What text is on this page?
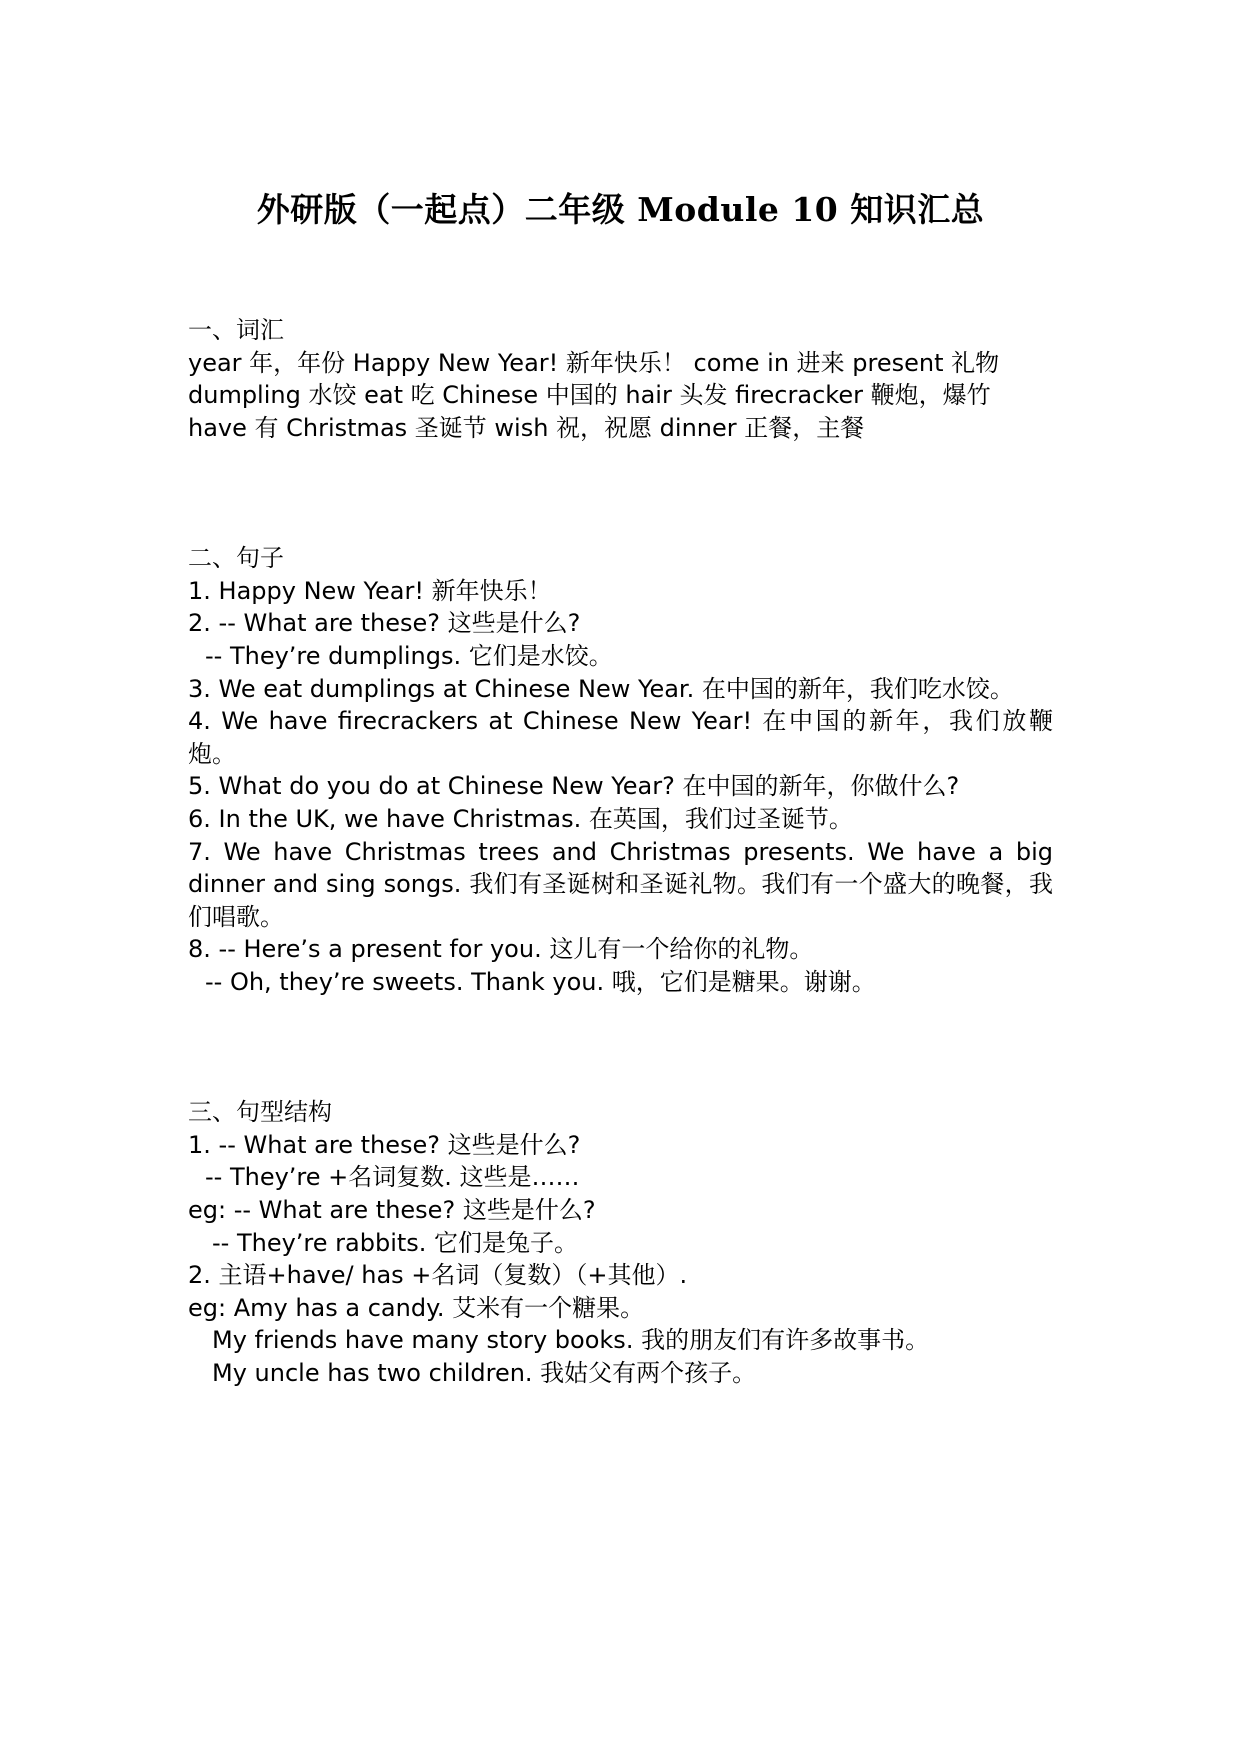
外研版（一起点）二年级 Module 10 知识汇总

一、词汇

year 年，年份 Happy New Year! 新年快乐！ come in 进来 present 礼物

dumpling 水饺 eat 吃 Chinese 中国的 hair 头发 firecracker 鞭炮，爆竹

have 有 Christmas 圣诞节 wish 祝，祝愿 dinner 正餐，主餐

二、句子

1. Happy New Year! 新年快乐！

2. -- What are these? 这些是什么?

-- They’re dumplings. 它们是水饺。

3. We eat dumplings at Chinese New Year. 在中国的新年，我们吃水饺。

4. We have firecrackers at Chinese New Year! 在中国的新年，我们放鞭炮。

5. What do you do at Chinese New Year? 在中国的新年，你做什么?

6. In the UK, we have Christmas. 在英国，我们过圣诞节。

7. We have Christmas trees and Christmas presents. We have a big dinner and sing songs. 我们有圣诞树和圣诞礼物。我们有一个盛大的晚餐，我们唱歌。

8. -- Here’s a present for you. 这儿有一个给你的礼物。

-- Oh, they’re sweets. Thank you. 哦，它们是糖果。谢谢。

三、句型结构

1. -- What are these? 这些是什么?

-- They’re +名词复数. 这些是……

eg: -- What are these? 这些是什么?

-- They’re rabbits. 它们是兔子。

2. 主语+have/ has +名词（复数）（+其他）.

eg: Amy has a candy. 艾米有一个糖果。

My friends have many story books. 我的朋友们有许多故事书。

My uncle has two children. 我姑父有两个孩子。
